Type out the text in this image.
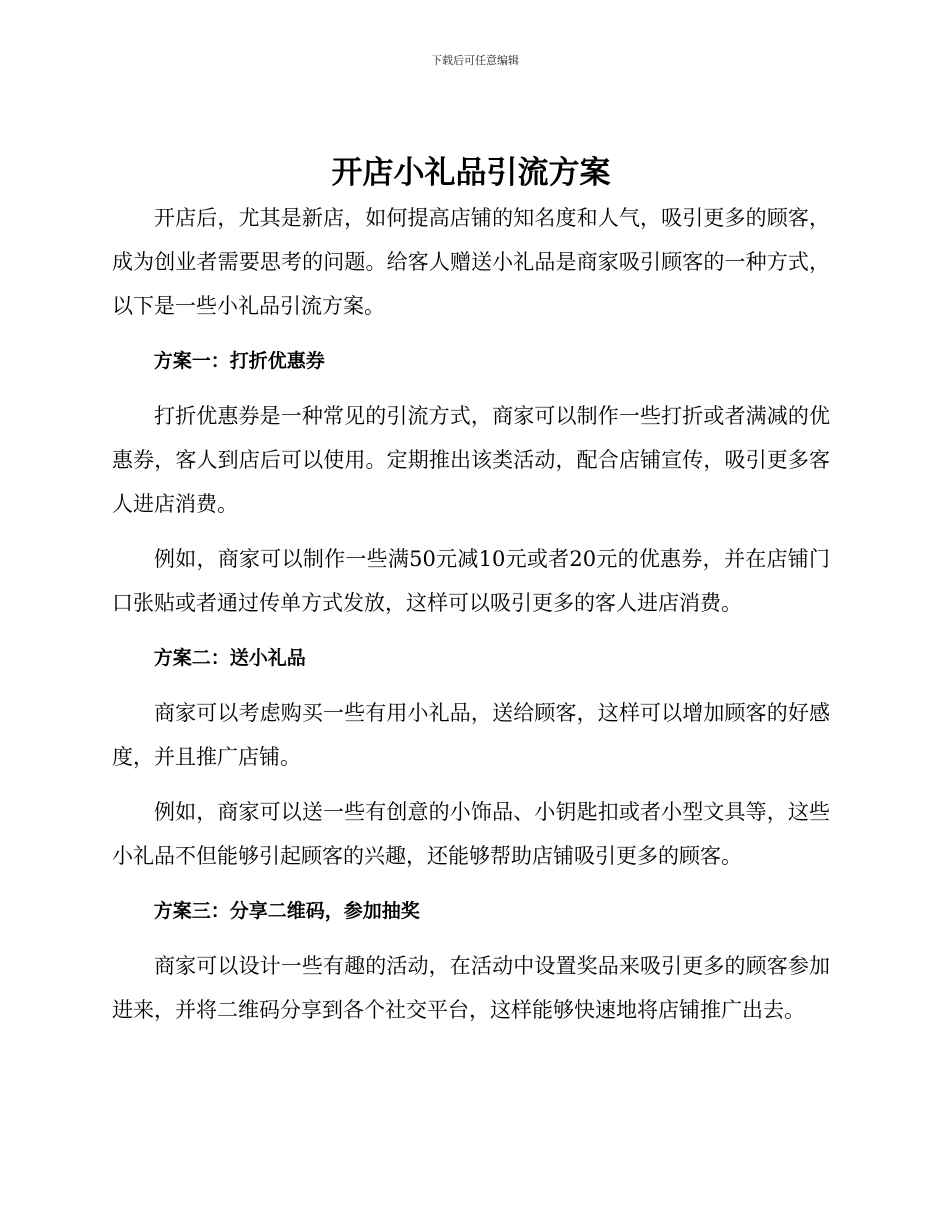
下载后可任意编辑
开店小礼品引流方案

开店后，尤其是新店，如何提高店铺的知名度和人气，吸引更多的顾客，成为创业者需要思考的问题。给客人赠送小礼品是商家吸引顾客的一种方式，以下是一些小礼品引流方案。

方案一：打折优惠券

打折优惠券是一种常见的引流方式，商家可以制作一些打折或者满减的优惠券，客人到店后可以使用。定期推出该类活动，配合店铺宣传，吸引更多客人进店消费。

例如，商家可以制作一些满50元减10元或者20元的优惠券，并在店铺门口张贴或者通过传单方式发放，这样可以吸引更多的客人进店消费。

方案二：送小礼品

商家可以考虑购买一些有用小礼品，送给顾客，这样可以增加顾客的好感度，并且推广店铺。

例如，商家可以送一些有创意的小饰品、小钥匙扣或者小型文具等，这些小礼品不但能够引起顾客的兴趣，还能够帮助店铺吸引更多的顾客。

方案三：分享二维码，参加抽奖

商家可以设计一些有趣的活动，在活动中设置奖品来吸引更多的顾客参加进来，并将二维码分享到各个社交平台，这样能够快速地将店铺推广出去。
